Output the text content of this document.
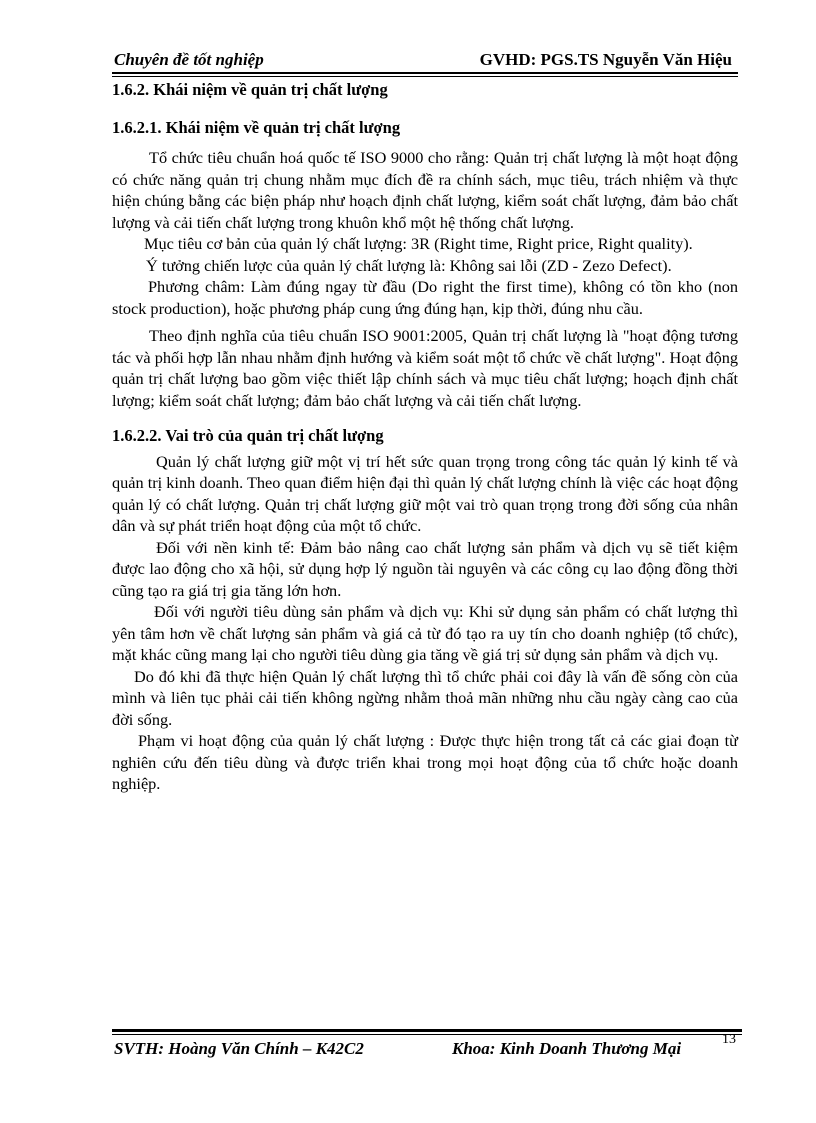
Chuyên đề tốt nghiệp	GVHD: PGS.TS Nguyễn Văn Hiệu

1.6.2. Khái niệm về quản trị chất lượng

1.6.2.1. Khái niệm về quản trị chất lượng

Tổ chức tiêu chuẩn hoá quốc tế ISO 9000 cho rằng: Quản trị chất lượng là một hoạt động có chức năng quản trị chung nhằm mục đích đề ra chính sách, mục tiêu, trách nhiệm và thực hiện chúng bằng các biện pháp như hoạch định chất lượng, kiểm soát chất lượng, đảm bảo chất lượng và cải tiến chất lượng trong khuôn khổ một hệ thống chất lượng.

Mục tiêu cơ bản của quản lý chất lượng: 3R (Right time, Right price, Right quality).

Ý tưởng chiến lược của quản lý chất lượng là: Không sai lỗi (ZD - Zezo Defect).

Phương châm: Làm đúng ngay từ đầu (Do right the first time), không có tồn kho (non stock production), hoặc phương pháp cung ứng đúng hạn, kịp thời, đúng nhu cầu.

Theo định nghĩa của tiêu chuẩn ISO 9001:2005, Quản trị chất lượng là "hoạt động tương tác và phối hợp lẫn nhau nhằm định hướng và kiểm soát một tổ chức về chất lượng". Hoạt động quản trị chất lượng bao gồm việc thiết lập chính sách và mục tiêu chất lượng; hoạch định chất lượng; kiểm soát chất lượng; đảm bảo chất lượng và cải tiến chất lượng.

1.6.2.2. Vai trò của quản trị chất lượng

Quản lý chất lượng giữ một vị trí hết sức quan trọng trong công tác quản lý kinh tế và quản trị kinh doanh. Theo quan điểm hiện đại thì quản lý chất lượng chính là việc các hoạt động quản lý có chất lượng. Quản trị chất lượng giữ một vai trò quan trọng trong đời sống của nhân dân và sự phát triển hoạt động của một tổ chức.

Đối với nền kinh tế: Đảm bảo nâng cao chất lượng sản phẩm và dịch vụ sẽ tiết kiệm được lao động cho xã hội, sử dụng hợp lý nguồn tài nguyên và các công cụ lao động đồng thời cũng tạo ra giá trị gia tăng lớn hơn.

Đối với người tiêu dùng sản phẩm và dịch vụ: Khi sử dụng sản phẩm có chất lượng thì yên tâm hơn về chất lượng sản phẩm và giá cả từ đó tạo ra uy tín cho doanh nghiệp (tổ chức), mặt khác cũng mang lại cho người tiêu dùng gia tăng về giá trị sử dụng sản phẩm và dịch vụ.

Do đó khi đã thực hiện Quản lý chất lượng thì tổ chức phải coi đây là vấn đề sống còn của mình và liên tục phải cải tiến không ngừng nhằm thoả mãn những nhu cầu ngày càng cao của đời sống.

Phạm vi hoạt động của quản lý chất lượng : Được thực hiện trong tất cả các giai đoạn từ nghiên cứu đến tiêu dùng và được triển khai trong mọi hoạt động của tổ chức hoặc doanh nghiệp.

SVTH: Hoàng Văn Chính – K42C2	Khoa: Kinh Doanh Thương Mại	13
